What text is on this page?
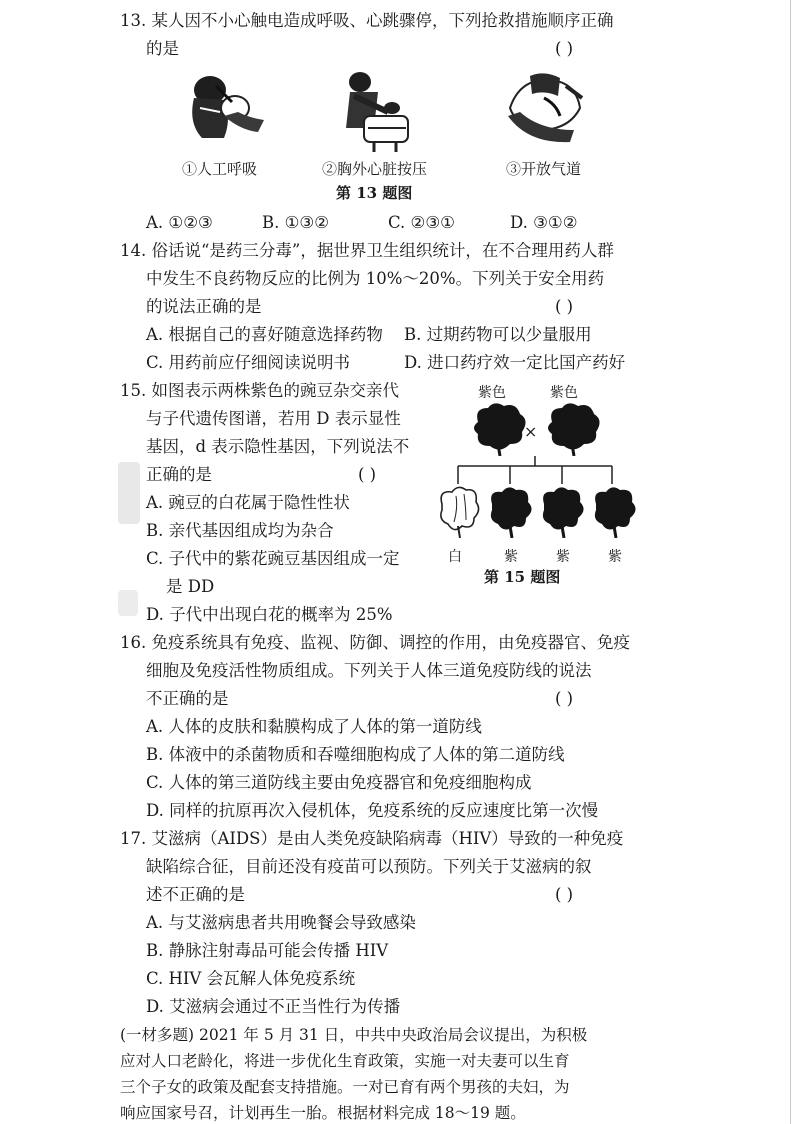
13. 某人因不小心触电造成呼吸、心跳骤停，下列抢救措施顺序正确
的是	( )
①人工呼吸	②胸外心脏按压	③开放气道
第 13 题图
A. ①②③	B. ①③②	C. ②③①	D. ③①②
14. 俗话说“是药三分毒”，据世界卫生组织统计，在不合理用药人群
中发生不良药物反应的比例为 10%～20%。下列关于安全用药
的说法正确的是	( )
A. 根据自己的喜好随意选择药物 B. 过期药物可以少量服用
C. 用药前应仔细阅读说明书	D. 进口药疗效一定比国产药好
15. 如图表示两株紫色的豌豆杂交亲代
与子代遗传图谱，若用 D 表示显性
基因，d 表示隐性基因，下列说法不
正确的是	( )
A. 豌豆的白花属于隐性性状
B. 亲代基因组成均为杂合
C. 子代中的紫花豌豆基因组成一定
是 DD
D. 子代中出现白花的概率为 25%
紫色	紫色
×
白	紫	紫	紫
第 15 题图
16. 免疫系统具有免疫、监视、防御、调控的作用，由免疫器官、免疫
细胞及免疫活性物质组成。下列关于人体三道免疫防线的说法
不正确的是	( )
A. 人体的皮肤和黏膜构成了人体的第一道防线
B. 体液中的杀菌物质和吞噬细胞构成了人体的第二道防线
C. 人体的第三道防线主要由免疫器官和免疫细胞构成
D. 同样的抗原再次入侵机体，免疫系统的反应速度比第一次慢
17. 艾滋病（AIDS）是由人类免疫缺陷病毒（HIV）导致的一种免疫
缺陷综合征，目前还没有疫苗可以预防。下列关于艾滋病的叙
述不正确的是	( )
A. 与艾滋病患者共用晚餐会导致感染
B. 静脉注射毒品可能会传播 HIV
C. HIV 会瓦解人体免疫系统
D. 艾滋病会通过不正当性行为传播
(一材多题) 2021 年 5 月 31 日，中共中央政治局会议提出，为积极
应对人口老龄化，将进一步优化生育政策，实施一对夫妻可以生育
三个子女的政策及配套支持措施。一对已育有两个男孩的夫妇，为
响应国家号召，计划再生一胎。根据材料完成 18～19 题。
